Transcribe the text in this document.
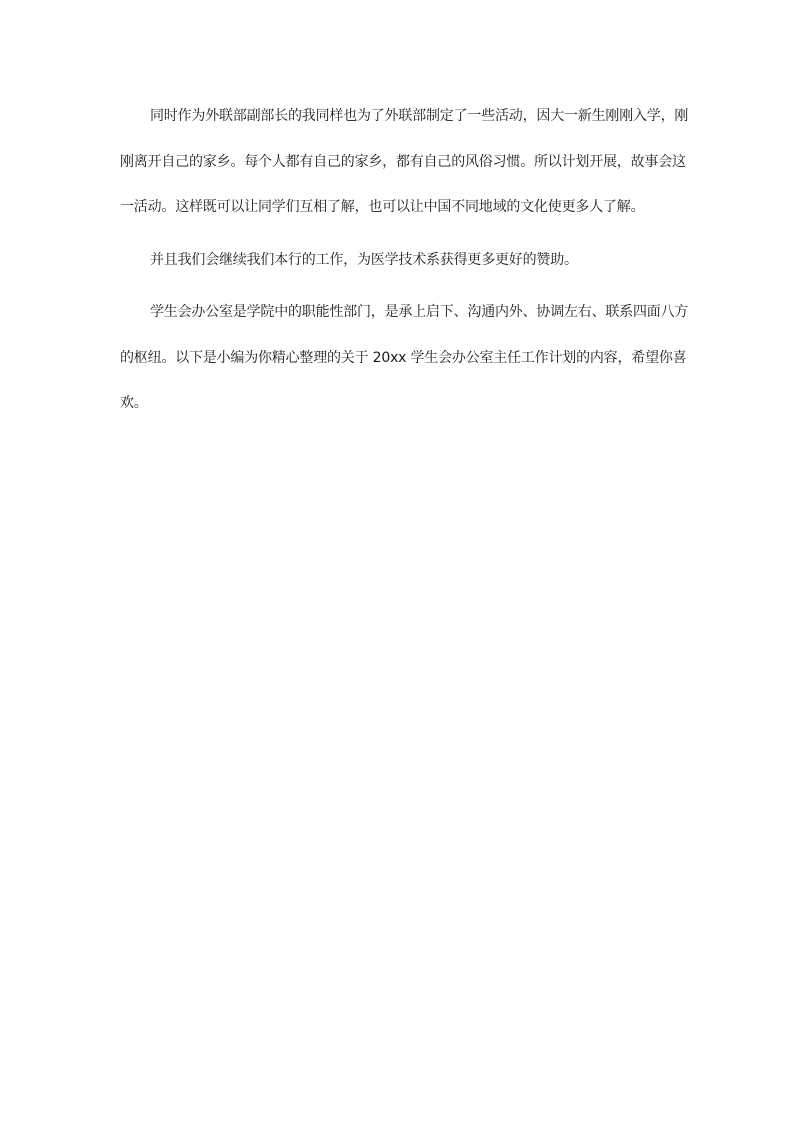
同时作为外联部副部长的我同样也为了外联部制定了一些活动，因大一新生刚刚入学，刚刚离开自己的家乡。每个人都有自己的家乡，都有自己的风俗习惯。所以计划开展，故事会这一活动。这样既可以让同学们互相了解，也可以让中国不同地域的文化使更多人了解。

并且我们会继续我们本行的工作，为医学技术系获得更多更好的赞助。

学生会办公室是学院中的职能性部门，是承上启下、沟通内外、协调左右、联系四面八方的枢纽。以下是小编为你精心整理的关于 20xx 学生会办公室主任工作计划的内容，希望你喜欢。
